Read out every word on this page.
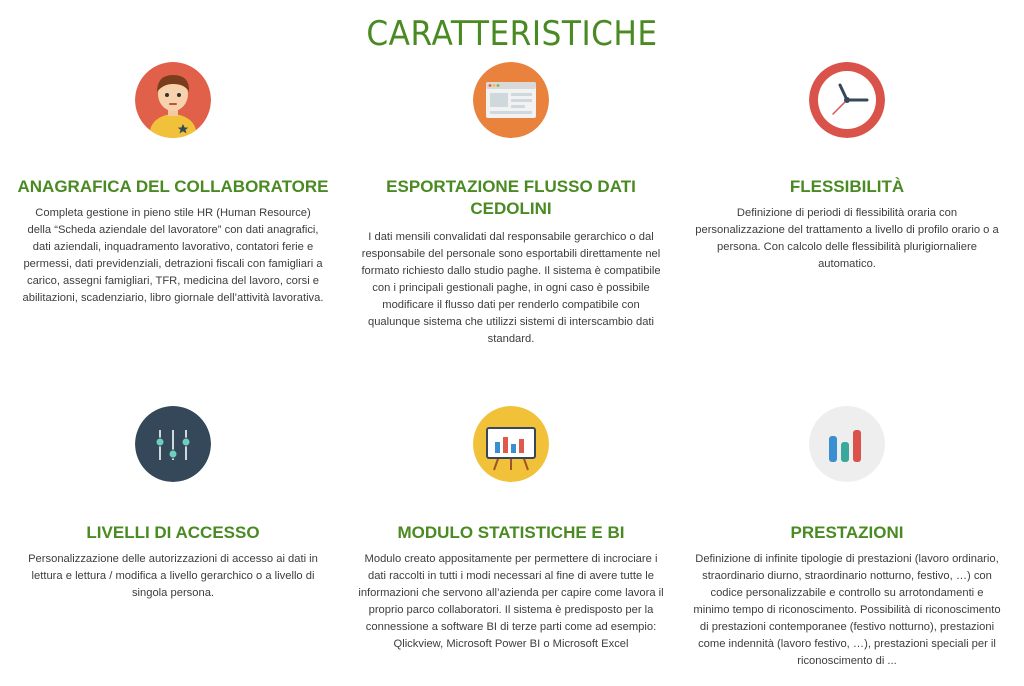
CARATTERISTICHE
ANAGRAFICA DEL COLLABORATORE
Completa gestione in pieno stile HR (Human Resource) della “Scheda aziendale del lavoratore” con dati anagrafici, dati aziendali, inquadramento lavorativo, contatori ferie e permessi, dati previdenziali, detrazioni fiscali con famigliari a carico, assegni famigliari, TFR, medicina del lavoro, corsi e abilitazioni, scadenziario, libro giornale dell’attività lavorativa.
ESPORTAZIONE FLUSSO DATI CEDOLINI
I dati mensili convalidati dal responsabile gerarchico o dal responsabile del personale sono esportabili direttamente nel formato richiesto dallo studio paghe. Il sistema è compatibile con i principali gestionali paghe, in ogni caso è possibile modificare il flusso dati per renderlo compatibile con qualunque sistema che utilizzi sistemi di interscambio dati standard.
FLESSIBILITÀ
Definizione di periodi di flessibilità oraria con personalizzazione del trattamento a livello di profilo orario o a persona. Con calcolo delle flessibilità plurigiornaliere automatico.
LIVELLI DI ACCESSO
Personalizzazione delle autorizzazioni di accesso ai dati in lettura e lettura / modifica a livello gerarchico o a livello di singola persona.
MODULO STATISTICHE E BI
Modulo creato appositamente per permettere di incrociare i dati raccolti in tutti i modi necessari al fine di avere tutte le informazioni che servono all’azienda per capire come lavora il proprio parco collaboratori. Il sistema è predisposto per la connessione a software BI di terze parti come ad esempio: Qlickview, Microsoft Power BI o Microsoft Excel
PRESTAZIONI
Definizione di infinite tipologie di prestazioni (lavoro ordinario, straordinario diurno, straordinario notturno, festivo, …) con codice personalizzabile e controllo su arrotondamenti e minimo tempo di riconoscimento. Possibilità di riconoscimento di prestazioni contemporanee (festivo notturno), prestazioni come indennità (lavoro festivo, …), prestazioni speciali per il riconoscimento di ...
